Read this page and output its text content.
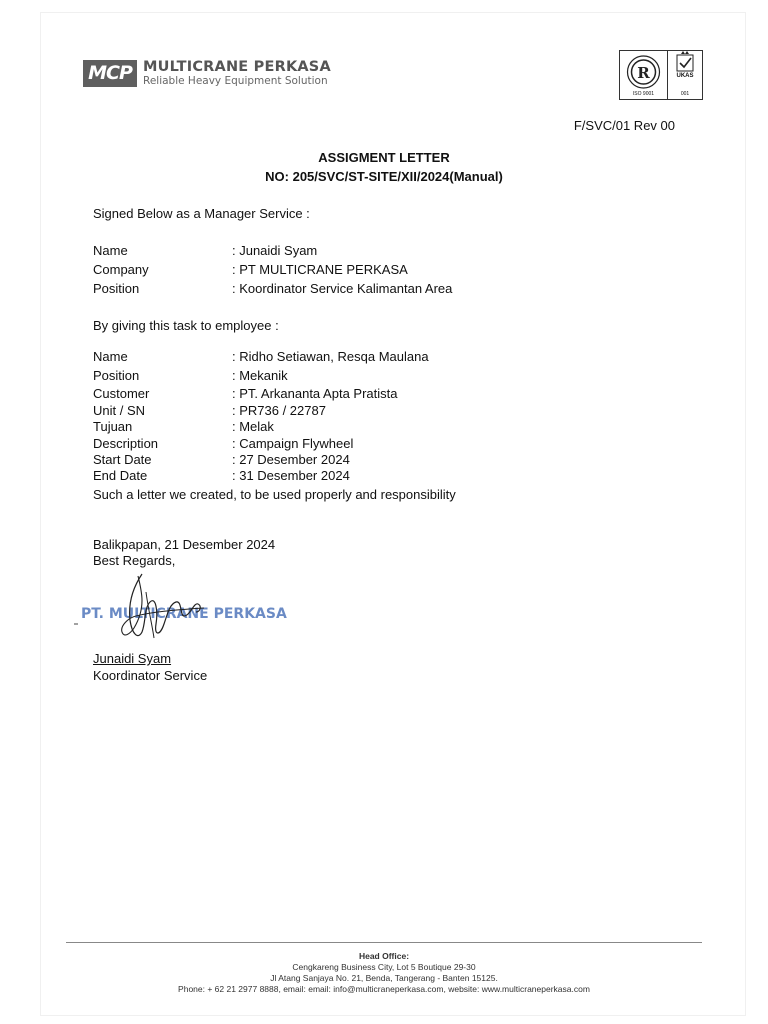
MCP MULTICRANE PERKASA
Reliable Heavy Equipment Solution	R
ISO 9001
UKAS
001
F/SVC/01 Rev 00
ASSIGMENT LETTER
NO: 205/SVC/ST-SITE/XII/2024(Manual)
Signed Below as a Manager Service :
Name	: Junaidi Syam
Company	: PT MULTICRANE PERKASA
Position	: Koordinator Service Kalimantan Area
By giving this task to employee :
Name	: Ridho Setiawan, Resqa Maulana
Position	: Mekanik
Customer	: PT. Arkananta Apta Pratista
Unit / SN	: PR736 / 22787
Tujuan	: Melak
Description	: Campaign Flywheel
Start Date	: 27 Desember 2024
End Date	: 31 Desember 2024
Such a letter we created, to be used properly and responsibility
Balikpapan, 21 Desember 2024
Best Regards,
PT. MULTICRANE PERKASA
Junaidi Syam
Koordinator Service
Head Office:
Cengkareng Business City, Lot 5 Boutique 29-30
Jl Atang Sanjaya No. 21, Benda, Tangerang - Banten 15125.
Phone: + 62 21 2977 8888, email: email: info@multicraneperkasa.com, website: www.multicraneperkasa.com
